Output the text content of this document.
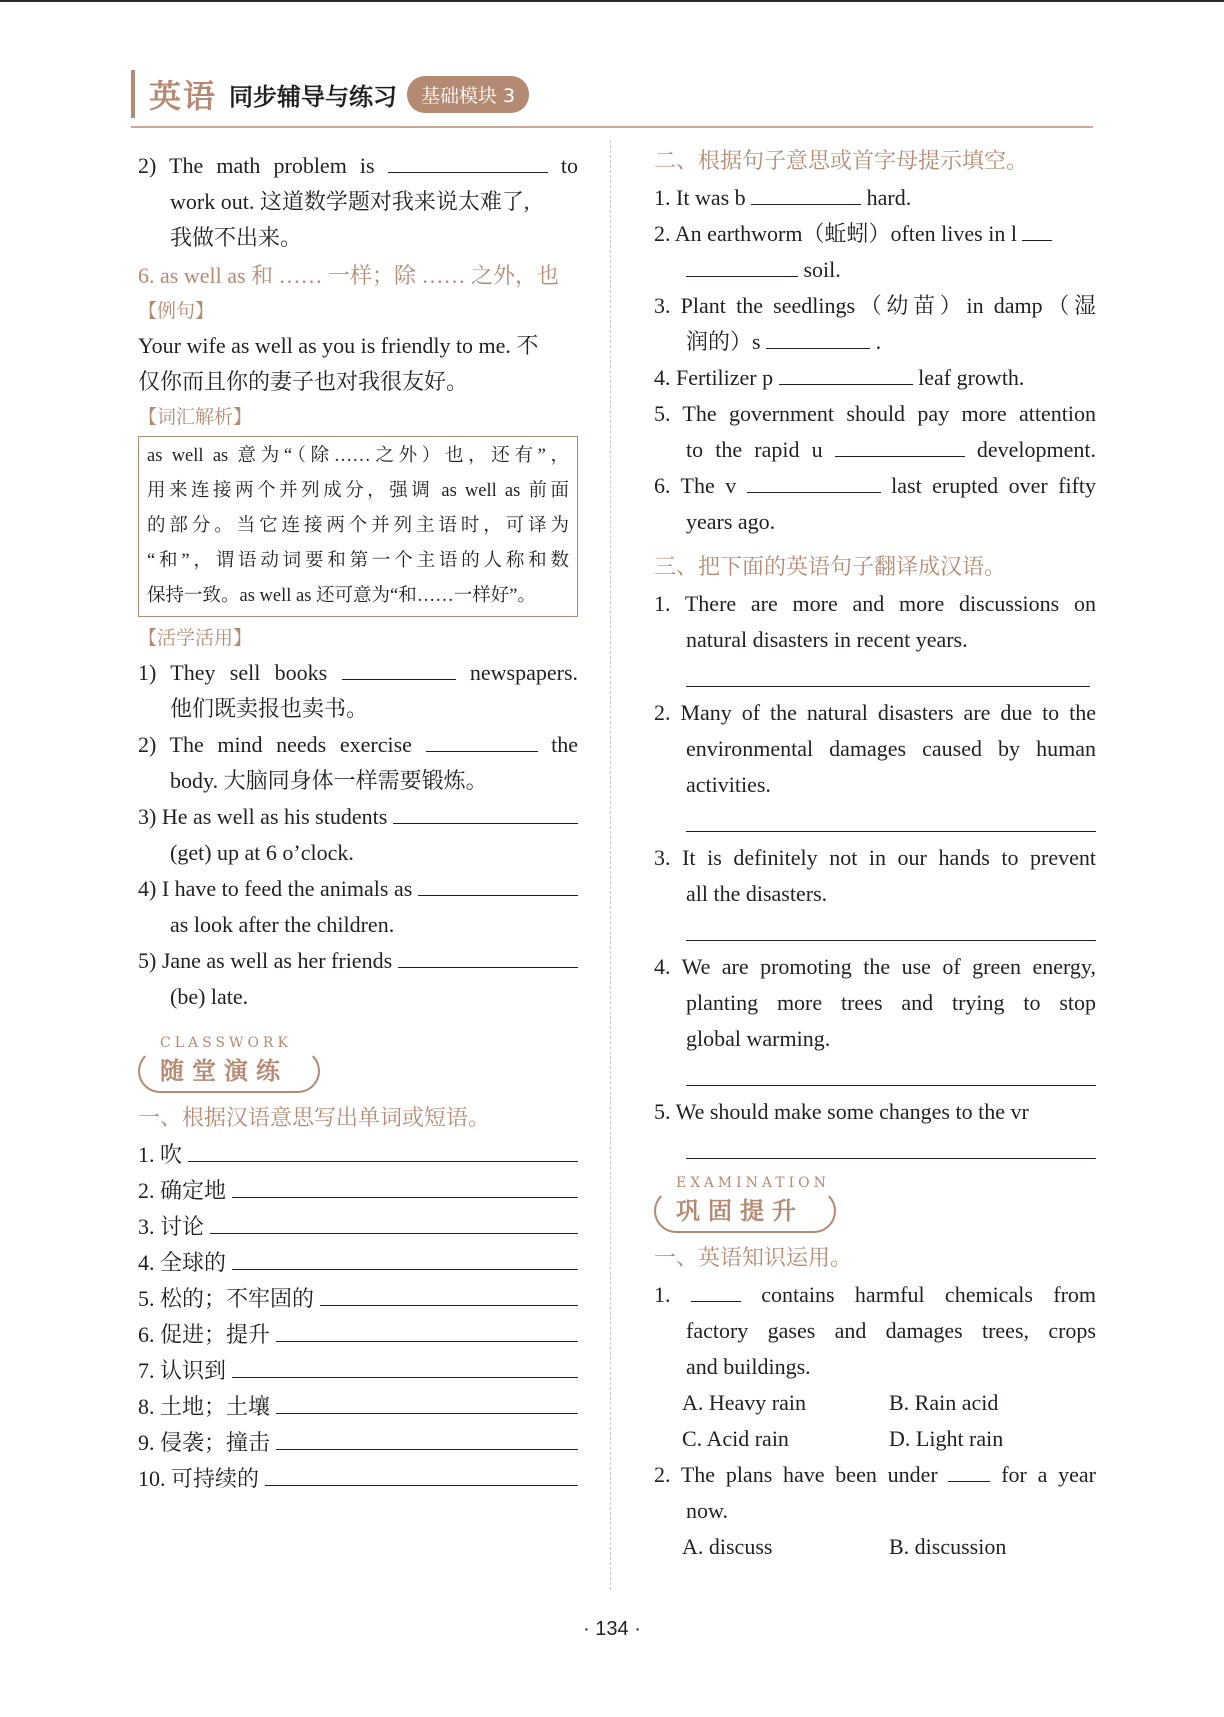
英语 同步辅导与练习	基础模块 3
2) The math problem is	to
work out. 这道数学题对我来说太难了,
我做不出来。
6. as well as 和 …… 一样；除 …… 之外，也
【例句】
Your wife as well as you is friendly to me. 不
仅你而且你的妻子也对我很友好。
【词汇解析】
as well as 意为“（除……之外）也，还有”，
用来连接两个并列成分，强调 as well as 前面
的部分。当它连接两个并列主语时，可译为
“和”，谓语动词要和第一个主语的人称和数
保持一致。as well as 还可意为“和……一样好”。
【活学活用】
1) They sell books	newspapers.
他们既卖报也卖书。
2) The mind needs exercise	the
body. 大脑同身体一样需要锻炼。
3) He as well as his students
(get) up at 6 o’clock.
4) I have to feed the animals as
as look after the children.
5) Jane as well as her friends
(be) late.
CLASSWORK
随堂演练
一、根据汉语意思写出单词或短语。
1. 吹
2. 确定地
3. 讨论
4. 全球的
5. 松的；不牢固的
6. 促进；提升
7. 认识到
8. 土地；土壤
9. 侵袭；撞击
10. 可持续的
二、根据句子意思或首字母提示填空。
1. It was b	hard.
2. An earthworm（蚯蚓）often lives in l
soil.
3. Plant the seedlings（幼苗）in damp（湿
润的）s	.
4. Fertilizer p	leaf growth.
5. The government should pay more attention
to the rapid u	development.
6. The v	last erupted over fifty
years ago.
三、把下面的英语句子翻译成汉语。
1. There are more and more discussions on
natural disasters in recent years.
2. Many of the natural disasters are due to the
environmental damages caused by human
activities.
3. It is definitely not in our hands to prevent
all the disasters.
4. We are promoting the use of green energy,
planting more trees and trying to stop
global warming.
5. We should make some changes to the vr
EXAMINATION
巩固提升
一、英语知识运用。
1.	contains harmful chemicals from
factory gases and damages trees, crops
and buildings.
A. Heavy rain	B. Rain acid
C. Acid rain	D. Light rain
2. The plans have been under	for a year
now.
A. discuss	B. discussion
· 134 ·
